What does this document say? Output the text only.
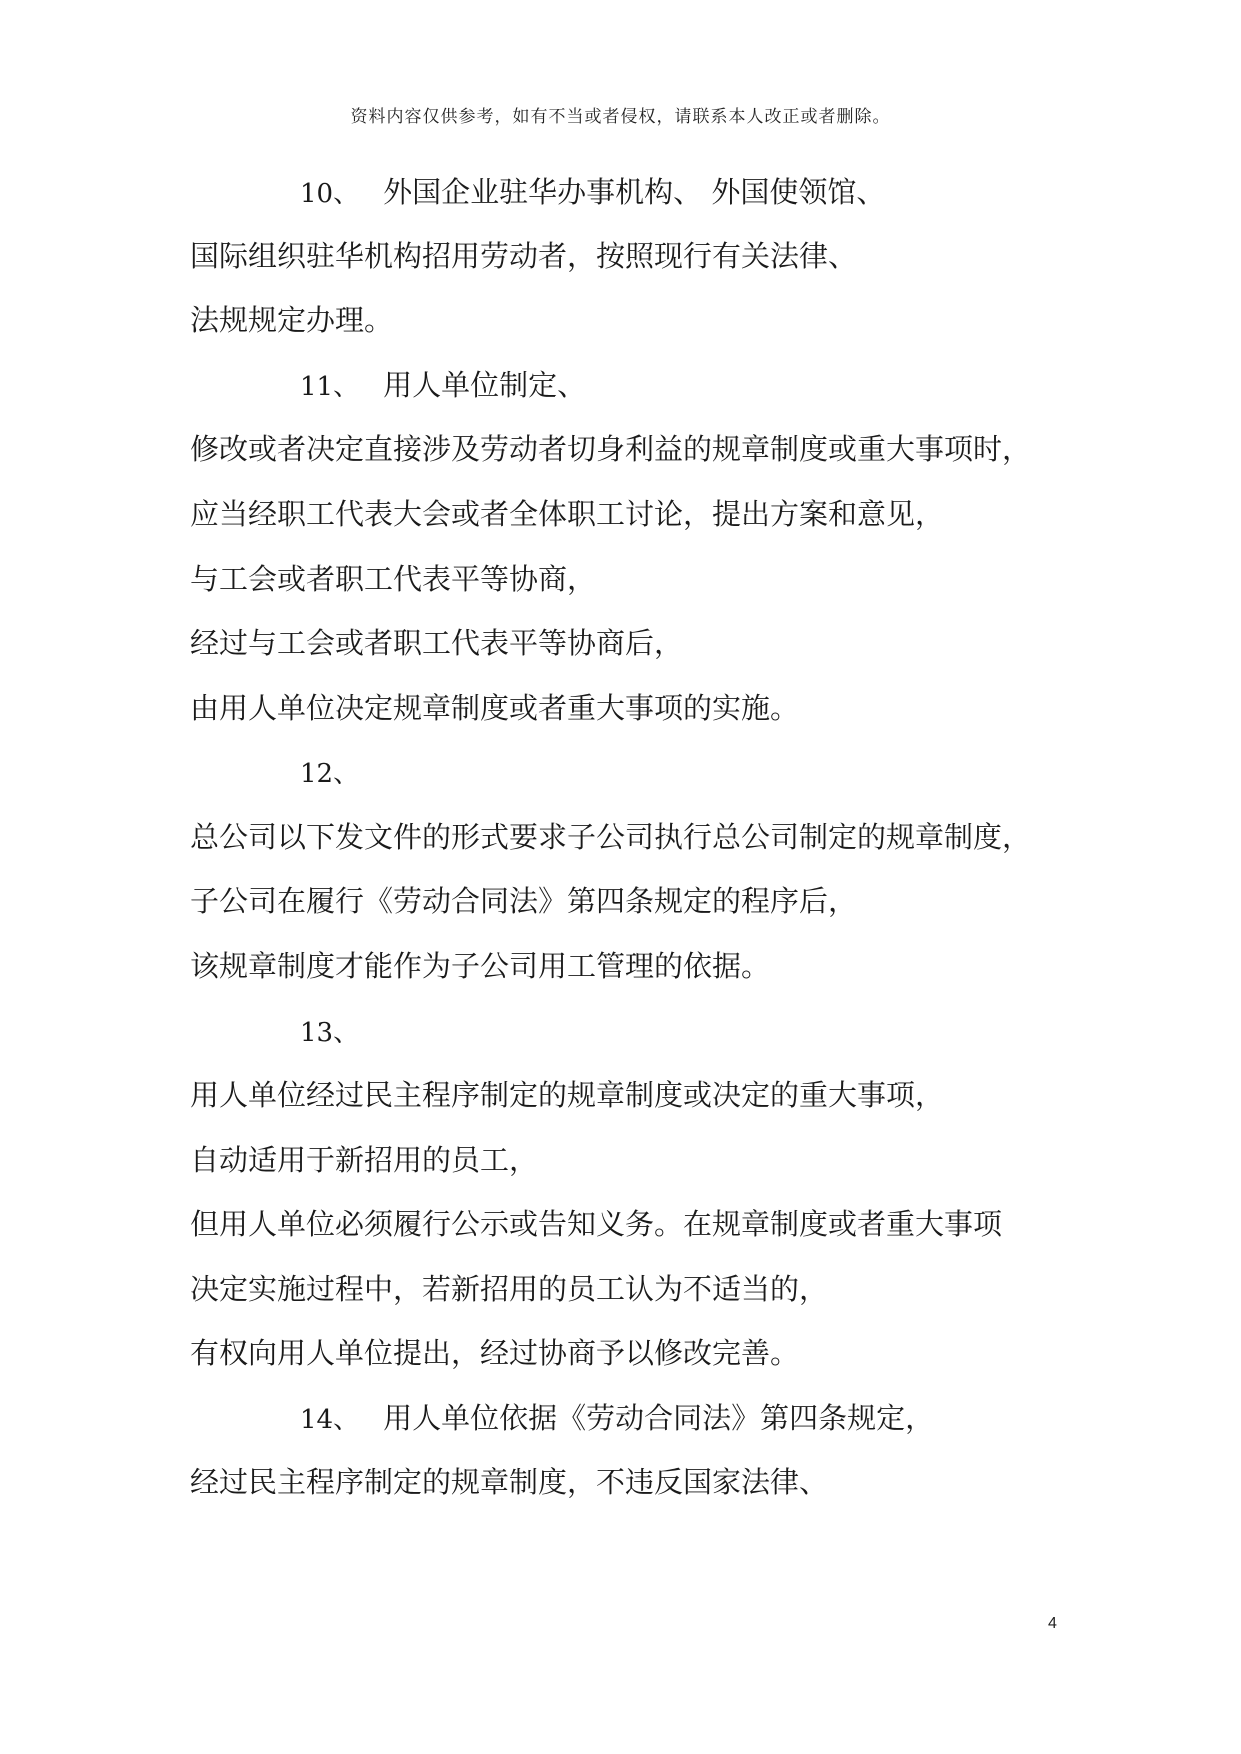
资料内容仅供参考，如有不当或者侵权，请联系本人改正或者删除。
10、 外国企业驻华办事机构、 外国使领馆、
国际组织驻华机构招用劳动者，按照现行有关法律、
法规规定办理。
11、 用人单位制定、
修改或者决定直接涉及劳动者切身利益的规章制度或重大事项时，
应当经职工代表大会或者全体职工讨论，提出方案和意见，
与工会或者职工代表平等协商，
经过与工会或者职工代表平等协商后，
由用人单位决定规章制度或者重大事项的实施。
12、
总公司以下发文件的形式要求子公司执行总公司制定的规章制度，
子公司在履行《劳动合同法》第四条规定的程序后，
该规章制度才能作为子公司用工管理的依据。
13、
用人单位经过民主程序制定的规章制度或决定的重大事项，
自动适用于新招用的员工，
但用人单位必须履行公示或告知义务。在规章制度或者重大事项
决定实施过程中，若新招用的员工认为不适当的，
有权向用人单位提出，经过协商予以修改完善。
14、 用人单位依据《劳动合同法》第四条规定，
经过民主程序制定的规章制度，不违反国家法律、
4
